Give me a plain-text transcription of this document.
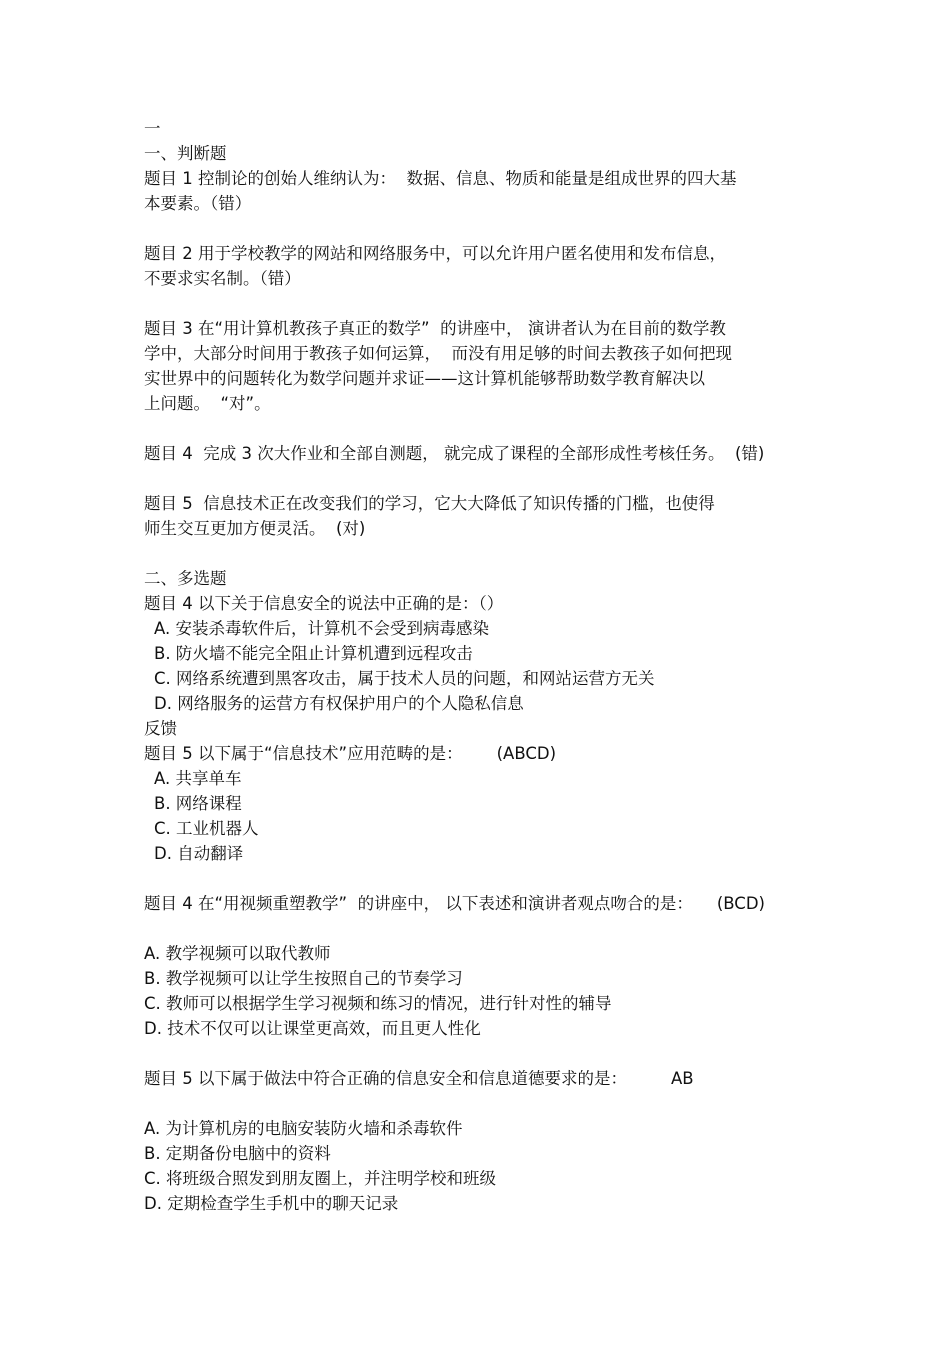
一
一、判断题
题目 1 控制论的创始人维纳认为：  数据、信息、物质和能量是组成世界的四大基
本要素。（错）
题目 2 用于学校教学的网站和网络服务中，可以允许用户匿名使用和发布信息，
不要求实名制。（错）
题目 3 在“用计算机教孩子真正的数学”  的讲座中， 演讲者认为在目前的数学教
学中，大部分时间用于教孩子如何运算，  而没有用足够的时间去教孩子如何把现
实世界中的问题转化为数学问题并求证——这计算机能够帮助数学教育解决以
上问题。  “对”。
题目 4  完成 3 次大作业和全部自测题， 就完成了课程的全部形成性考核任务。  (错)
题目 5  信息技术正在改变我们的学习，它大大降低了知识传播的门槛，也使得
师生交互更加方便灵活。  (对)
二、多选题
题目 4 以下关于信息安全的说法中正确的是：（）
A. 安装杀毒软件后，计算机不会受到病毒感染
B. 防火墙不能完全阻止计算机遭到远程攻击
C. 网络系统遭到黑客攻击，属于技术人员的问题，和网站运营方无关
D. 网络服务的运营方有权保护用户的个人隐私信息
反馈
题目 5 以下属于“信息技术”应用范畴的是： (ABCD)
A. 共享单车
B. 网络课程
C. 工业机器人
D. 自动翻译
题目 4 在“用视频重塑教学”  的讲座中， 以下表述和演讲者观点吻合的是： (BCD)
A. 教学视频可以取代教师
B. 教学视频可以让学生按照自己的节奏学习
C. 教师可以根据学生学习视频和练习的情况，进行针对性的辅导
D. 技术不仅可以让课堂更高效，而且更人性化
题目 5 以下属于做法中符合正确的信息安全和信息道德要求的是：	AB
A. 为计算机房的电脑安装防火墙和杀毒软件
B. 定期备份电脑中的资料
C. 将班级合照发到朋友圈上，并注明学校和班级
D. 定期检查学生手机中的聊天记录
